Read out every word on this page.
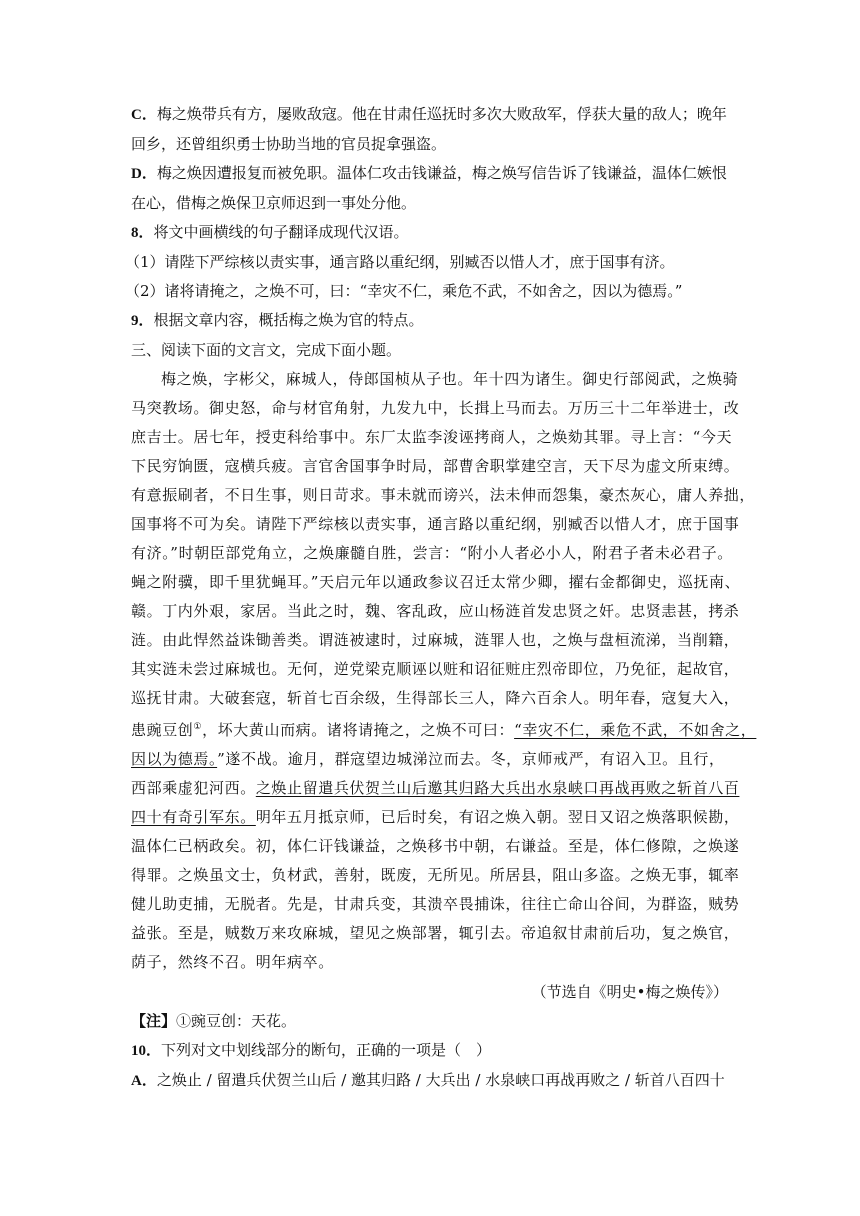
C．梅之焕带兵有方，屡败敌寇。他在甘肃任巡抚时多次大败敌军，俘获大量的敌人；晚年
回乡，还曾组织勇士协助当地的官员捉拿强盗。
D．梅之焕因遭报复而被免职。温体仁攻击钱谦益，梅之焕写信告诉了钱谦益，温体仁嫉恨
在心，借梅之焕保卫京师迟到一事处分他。
8．将文中画横线的句子翻译成现代汉语。
（1）请陛下严综核以责实事，通言路以重纪纲，别臧否以惜人才，庶于国事有济。
（2）诸将请掩之，之焕不可，曰：“幸灾不仁，乘危不武，不如舍之，因以为德焉。”
9．根据文章内容，概括梅之焕为官的特点。
三、阅读下面的文言文，完成下面小题。
梅之焕，字彬父，麻城人，侍郎国桢从子也。年十四为诸生。御史行部阅武，之焕骑
马突教场。御史怒，命与材官角射，九发九中，长揖上马而去。万历三十二年举进士，改
庶吉士。居七年，授吏科给事中。东厂太监李浚诬拷商人，之焕劾其罪。寻上言：“今天
下民穷饷匮，寇横兵疲。言官舍国事争时局，部曹舍职掌建空言，天下尽为虚文所束缚。
有意振刷者，不日生事，则日苛求。事未就而谤兴，法未伸而怨集，豪杰灰心，庸人养拙，
国事将不可为矣。请陛下严综核以责实事，通言路以重纪纲，别臧否以惜人才，庶于国事
有济。”时朝臣部党角立，之焕廉髓自胜，尝言：“附小人者必小人，附君子者未必君子。
蝇之附骥，即千里犹蝇耳。”天启元年以通政参议召迁太常少卿，擢右金都御史，巡抚南、
赣。丁内外艰，家居。当此之时，魏、客乱政，应山杨涟首发忠贤之奸。忠贤恚甚，拷杀
涟。由此悍然益诛锄善类。谓涟被逮时，过麻城，涟罪人也，之焕与盘桓流涕，当削籍，
其实涟未尝过麻城也。无何，逆党梁克顺诬以赃和诏征赃庄烈帝即位，乃免征，起故官，
巡抚甘肃。大破套寇，斩首七百余级，生得部长三人，降六百余人。明年春，寇复大入，
患豌豆创①，坏大黄山而病。诸将请掩之，之焕不可曰：“幸灾不仁，乘危不武，不如舍之，
因以为德焉。”遂不战。逾月，群寇望边城涕泣而去。冬，京师戒严，有诏入卫。且行，
西部乘虚犯河西。之焕止留遣兵伏贺兰山后邀其归路大兵出水泉峡口再战再败之斩首八百
四十有奇引军东。明年五月抵京师，已后时矣，有诏之焕入朝。翌日又诏之焕落职候勘，
温体仁已柄政矣。初，体仁讦钱谦益，之焕移书中朝，右谦益。至是，体仁修隙，之焕遂
得罪。之焕虽文士，负材武，善射，既废，无所见。所居县，阻山多盗。之焕无事，辄率
健儿助吏捕，无脱者。先是，甘肃兵变，其溃卒畏捕诛，往往亡命山谷间，为群盗，贼势
益张。至是，贼数万来攻麻城，望见之焕部署，辄引去。帝追叙甘肃前后功，复之焕官，
荫子，然终不召。明年病卒。
（节选自《明史•梅之焕传》）
【注】①豌豆创：天花。
10．下列对文中划线部分的断句，正确的一项是（　）
A．之焕止 / 留遣兵伏贺兰山后 / 邀其归路 / 大兵出 / 水泉峡口再战再败之 / 斩首八百四十
